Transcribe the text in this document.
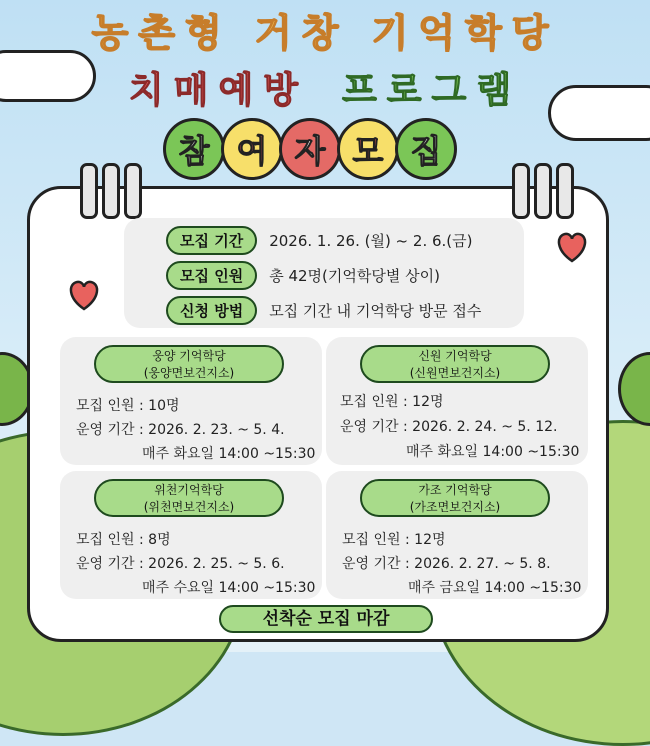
농촌형 거창 기억학당
치매예방 프로그램
참 여 자 모 집
모집 기간	2026. 1. 26. (월) ~ 2. 6.(금)
모집 인원	총 42명(기억학당별 상이)
신청 방법	모집 기간 내 기억학당 방문 접수
웅양 기억학당
(웅양면보건지소)
모집 인원 : 10명
운영 기간 : 2026. 2. 23. ~ 5. 4.
매주 화요일 14:00 ~15:30
신원 기억학당
(신원면보건지소)
모집 인원 : 12명
운영 기간 : 2026. 2. 24. ~ 5. 12.
매주 화요일 14:00 ~15:30
위천기억학당
(위천면보건지소)
모집 인원 : 8명
운영 기간 : 2026. 2. 25. ~ 5. 6.
매주 수요일 14:00 ~15:30
가조 기억학당
(가조면보건지소)
모집 인원 : 12명
운영 기간 : 2026. 2. 27. ~ 5. 8.
매주 금요일 14:00 ~15:30
선착순 모집 마감
